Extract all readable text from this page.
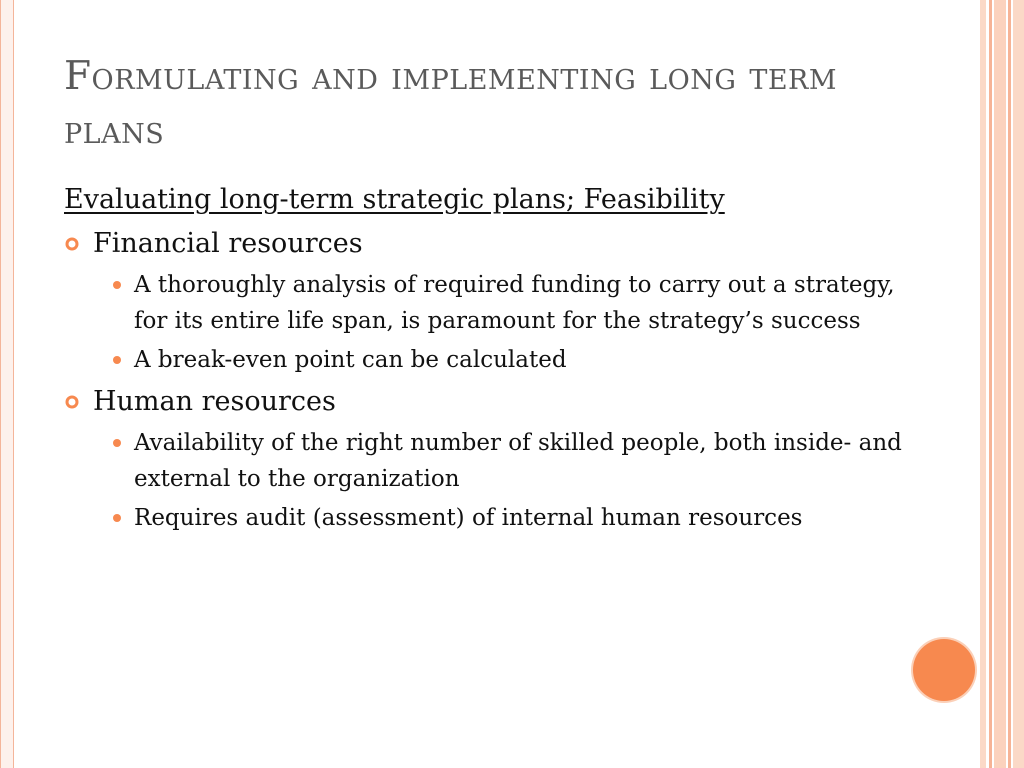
Formulating and implementing long term plans
Evaluating long-term strategic plans; Feasibility
Financial resources
A thoroughly analysis of required funding to carry out a strategy, for its entire life span, is paramount for the strategy’s success
A break-even point can be calculated
Human resources
Availability of the right number of skilled people, both inside- and external to the organization
Requires audit (assessment) of internal human resources
